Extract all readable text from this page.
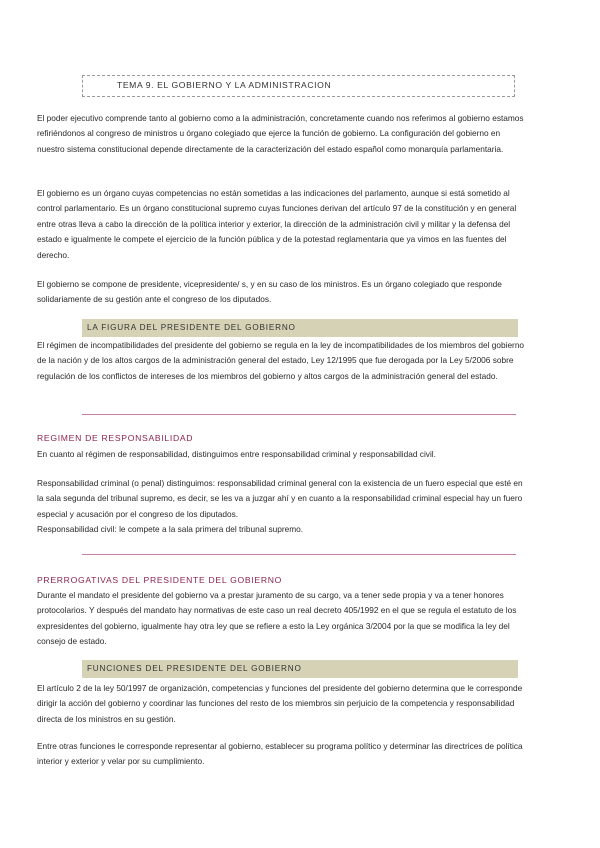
TEMA 9. EL GOBIERNO Y LA ADMINISTRACION

El poder ejecutivo comprende tanto al gobierno como a la administración, concretamente cuando nos referimos al gobierno estamos refiriéndonos al congreso de ministros u órgano colegiado que ejerce la función de gobierno. La configuración del gobierno en nuestro sistema constitucional depende directamente de la caracterización del estado español como monarquía parlamentaria.

El gobierno es un órgano cuyas competencias no están sometidas a las indicaciones del parlamento, aunque si está sometido al control parlamentario. Es un órgano constitucional supremo cuyas funciones derivan del artículo 97 de la constitución y en general entre otras lleva a cabo la dirección de la política interior y exterior, la dirección de la administración civil y militar y la defensa del estado e igualmente le compete el ejercicio de la función pública y de la potestad reglamentaria que ya vimos en las fuentes del derecho.

El gobierno se compone de presidente, vicepresidente/ s, y en su caso de los ministros. Es un órgano colegiado que responde solidariamente de su gestión ante el congreso de los diputados.

LA FIGURA DEL PRESIDENTE DEL GOBIERNO

El régimen de incompatibilidades del presidente del gobierno se regula en la ley de incompatibilidades de los miembros del gobierno de la nación y de los altos cargos de la administración general del estado, Ley 12/1995 que fue derogada por la Ley 5/2006 sobre regulación de los conflictos de intereses de los miembros del gobierno y altos cargos de la administración general del estado.

REGIMEN DE RESPONSABILIDAD

En cuanto al régimen de responsabilidad, distinguimos entre responsabilidad criminal y responsabilidad civil.

Responsabilidad criminal (o penal) distinguimos: responsabilidad criminal general con la existencia de un fuero especial que esté en la sala segunda del tribunal supremo, es decir, se les va a juzgar ahí y en cuanto a la responsabilidad criminal especial hay un fuero especial y acusación por el congreso de los diputados.

Responsabilidad civil: le compete a la sala primera del tribunal supremo.

PRERROGATIVAS DEL PRESIDENTE DEL GOBIERNO

Durante el mandato el presidente del gobierno va a prestar juramento de su cargo, va a tener sede propia y va a tener honores protocolarios. Y después del mandato hay normativas de este caso un real decreto 405/1992 en el que se regula el estatuto de los expresidentes del gobierno, igualmente hay otra ley que se refiere a esto la Ley orgánica 3/2004 por la que se modifica la ley del consejo de estado.

FUNCIONES DEL PRESIDENTE DEL GOBIERNO

El artículo 2 de la ley 50/1997 de organización, competencias y funciones del presidente del gobierno determina que le corresponde dirigir la acción del gobierno y coordinar las funciones del resto de los miembros sin perjuicio de la competencia y responsabilidad directa de los ministros en su gestión.

Entre otras funciones le corresponde representar al gobierno, establecer su programa político y determinar las directrices de política interior y exterior y velar por su cumplimiento.
